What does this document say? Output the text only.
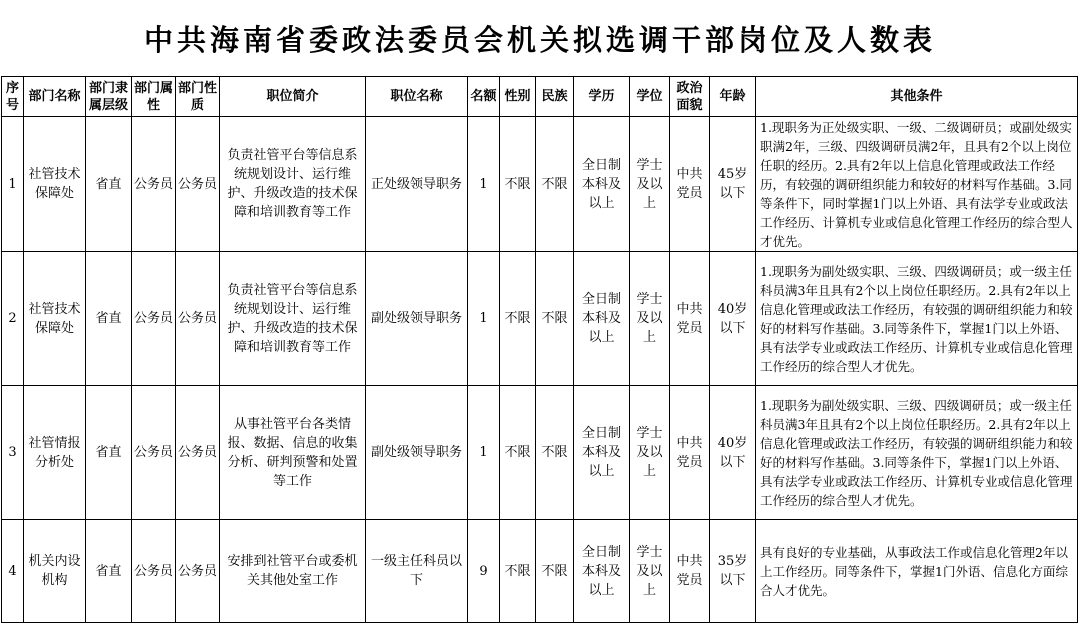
中共海南省委政法委员会机关拟选调干部岗位及人数表
序号	部门名称	部门隶属层级	部门属性	部门性质	职位简介	职位名称	名额	性别	民族	学历	学位	政治面貌	年龄	其他条件
1	社管技术保障处	省直	公务员	公务员	负责社管平台等信息系统规划设计、运行维护、升级改造的技术保障和培训教育等工作	正处级领导职务	1	不限	不限	全日制本科及以上	学士及以上	中共党员	45岁以下	1.现职务为正处级实职、一级、二级调研员；或副处级实职满2年，三级、四级调研员满2年，且具有2个以上岗位任职的经历。2.具有2年以上信息化管理或政法工作经历，有较强的调研组织能力和较好的材料写作基础。3.同等条件下，同时掌握1门以上外语、具有法学专业或政法工作经历、计算机专业或信息化管理工作经历的综合型人才优先。
2	社管技术保障处	省直	公务员	公务员	负责社管平台等信息系统规划设计、运行维护、升级改造的技术保障和培训教育等工作	副处级领导职务	1	不限	不限	全日制本科及以上	学士及以上	中共党员	40岁以下	1.现职务为副处级实职、三级、四级调研员；或一级主任科员满3年且具有2个以上岗位任职经历。2.具有2年以上信息化管理或政法工作经历，有较强的调研组织能力和较好的材料写作基础。3.同等条件下，掌握1门以上外语、具有法学专业或政法工作经历、计算机专业或信息化管理工作经历的综合型人才优先。
3	社管情报分析处	省直	公务员	公务员	从事社管平台各类情报、数据、信息的收集分析、研判预警和处置等工作	副处级领导职务	1	不限	不限	全日制本科及以上	学士及以上	中共党员	40岁以下	1.现职务为副处级实职、三级、四级调研员；或一级主任科员满3年且具有2个以上岗位任职经历。2.具有2年以上信息化管理或政法工作经历，有较强的调研组织能力和较好的材料写作基础。3.同等条件下，掌握1门以上外语、具有法学专业或政法工作经历、计算机专业或信息化管理工作经历的综合型人才优先。
4	机关内设机构	省直	公务员	公务员	安排到社管平台或委机关其他处室工作	一级主任科员以下	9	不限	不限	全日制本科及以上	学士及以上	中共党员	35岁以下	具有良好的专业基础，从事政法工作或信息化管理2年以上工作经历。同等条件下，掌握1门外语、信息化方面综合人才优先。
